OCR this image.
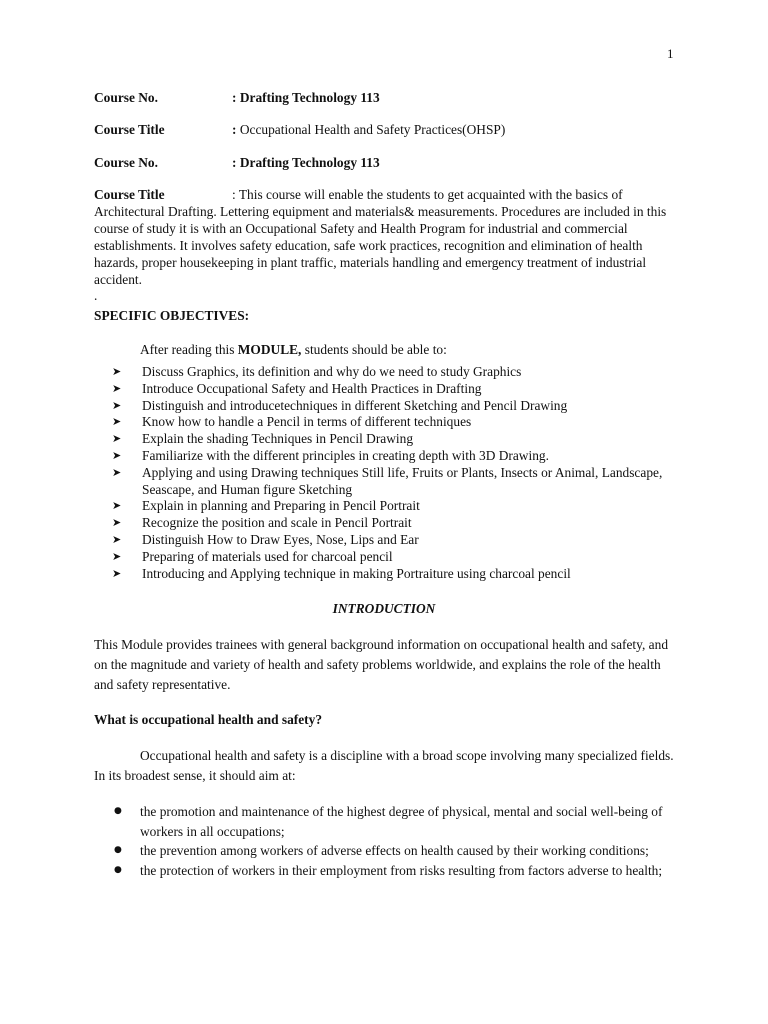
1
Course No.	: Drafting Technology 113
Course Title	: Occupational Health and Safety Practices(OHSP)
Course No.	: Drafting Technology 113
Course Title	: This course will enable the students to get acquainted with the basics of Architectural Drafting. Lettering equipment and materials& measurements. Procedures are included in this course of study it is with an Occupational Safety and Health Program for industrial and commercial establishments. It involves safety education, safe work practices, recognition and elimination of health hazards, proper housekeeping in plant traffic, materials handling and emergency treatment of industrial accident.
.
SPECIFIC OBJECTIVES:
After reading this MODULE, students should be able to:
➤ Discuss Graphics, its definition and why do we need to study Graphics
➤ Introduce Occupational Safety and Health Practices in Drafting
➤ Distinguish and introducetechniques in different Sketching and Pencil Drawing
➤ Know how to handle a Pencil in terms of different techniques
➤ Explain the shading Techniques in Pencil Drawing
➤ Familiarize with the different principles in creating depth with 3D Drawing.
➤ Applying and using Drawing techniques Still life, Fruits or Plants, Insects or Animal, Landscape, Seascape, and Human figure Sketching
➤ Explain in planning and Preparing in Pencil Portrait
➤ Recognize the position and scale in Pencil Portrait
➤ Distinguish How to Draw Eyes, Nose, Lips and Ear
➤ Preparing of materials used for charcoal pencil
➤ Introducing and Applying technique in making Portraiture using charcoal pencil
INTRODUCTION
This Module provides trainees with general background information on occupational health and safety, and on the magnitude and variety of health and safety problems worldwide, and explains the role of the health and safety representative.
What is occupational health and safety?
Occupational health and safety is a discipline with a broad scope involving many specialized fields. In its broadest sense, it should aim at:
● the promotion and maintenance of the highest degree of physical, mental and social well-being of workers in all occupations;
● the prevention among workers of adverse effects on health caused by their working conditions;
● the protection of workers in their employment from risks resulting from factors adverse to health;
